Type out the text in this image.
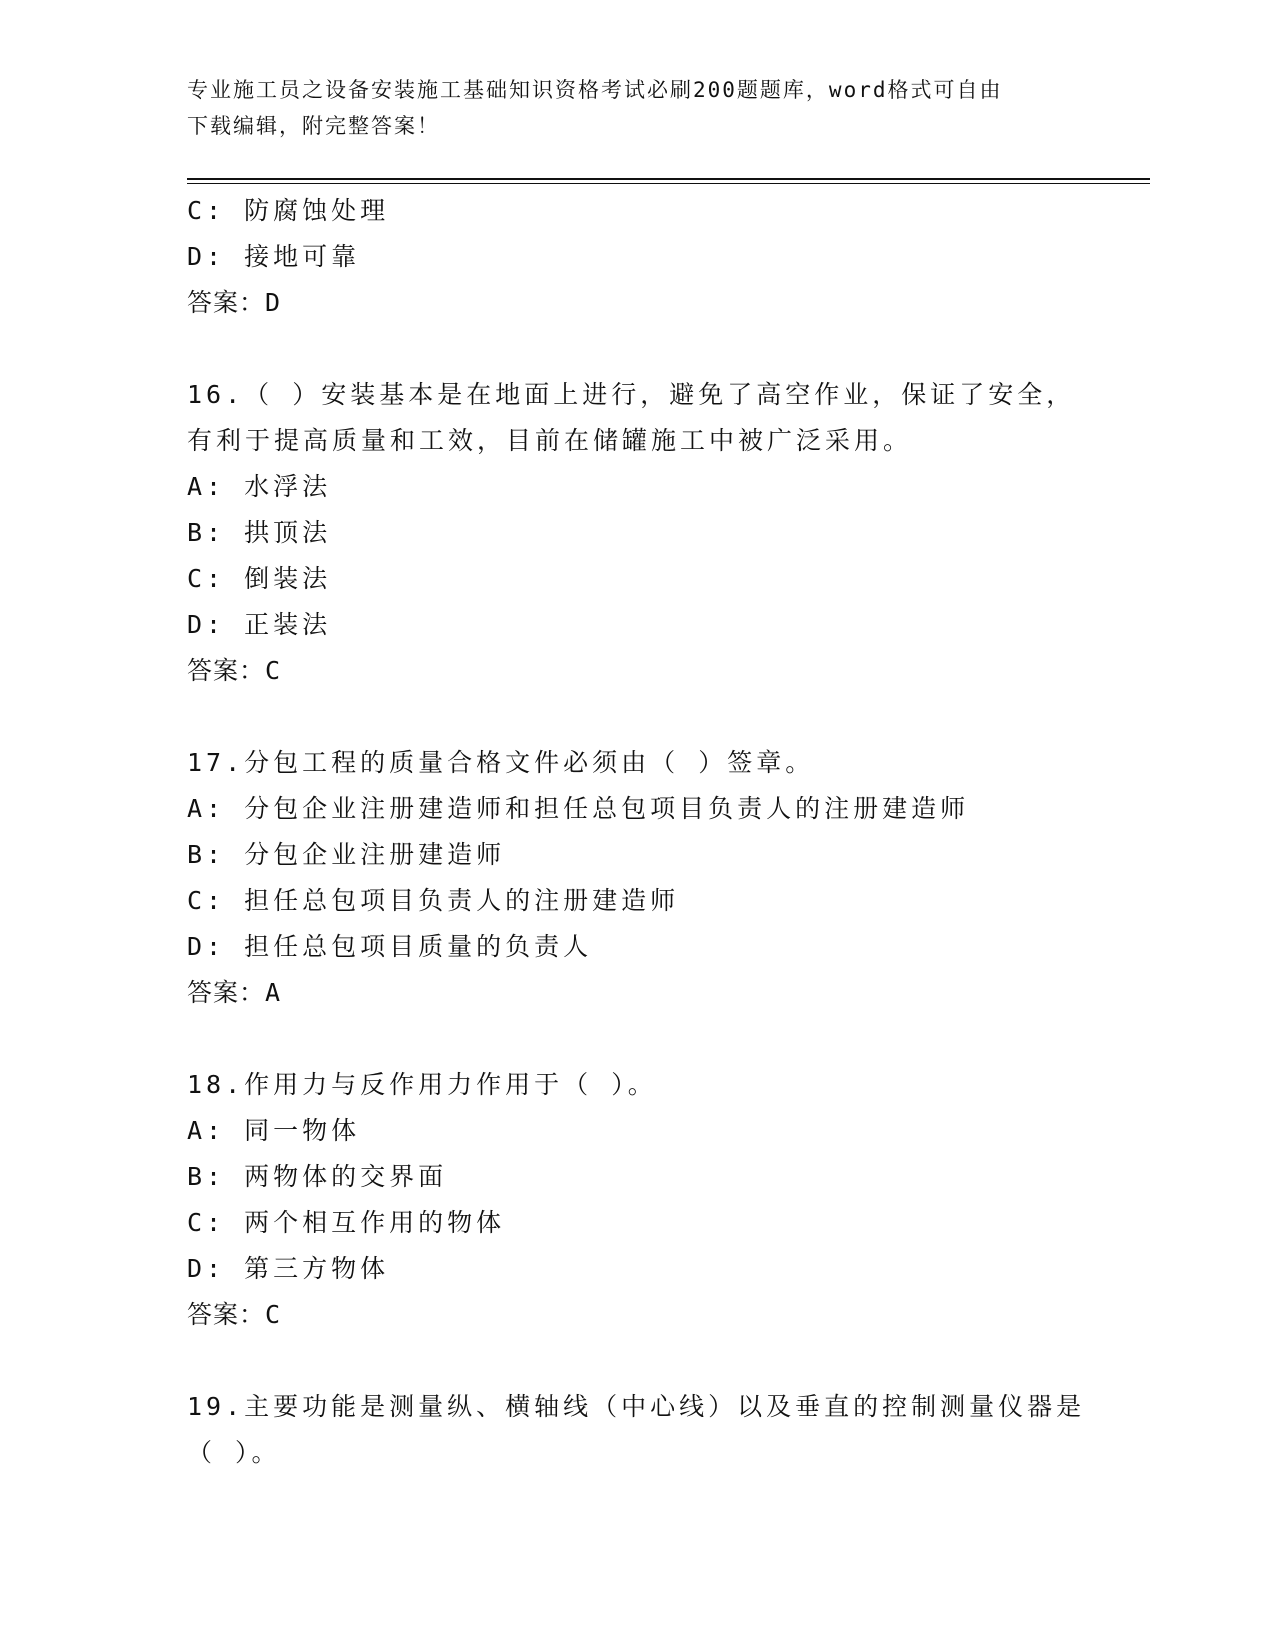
专业施工员之设备安装施工基础知识资格考试必刷200题题库，word格式可自由
下载编辑，附完整答案！
C: 防腐蚀处理
D: 接地可靠
答案：D
16.（ ）安装基本是在地面上进行，避免了高空作业，保证了安全，
有利于提高质量和工效，目前在储罐施工中被广泛采用。
A: 水浮法
B: 拱顶法
C: 倒装法
D: 正装法
答案：C
17.分包工程的质量合格文件必须由（ ）签章。
A: 分包企业注册建造师和担任总包项目负责人的注册建造师
B: 分包企业注册建造师
C: 担任总包项目负责人的注册建造师
D: 担任总包项目质量的负责人
答案：A
18.作用力与反作用力作用于（ ）。
A: 同一物体
B: 两物体的交界面
C: 两个相互作用的物体
D: 第三方物体
答案：C
19.主要功能是测量纵、横轴线（中心线）以及垂直的控制测量仪器是
（ ）。
